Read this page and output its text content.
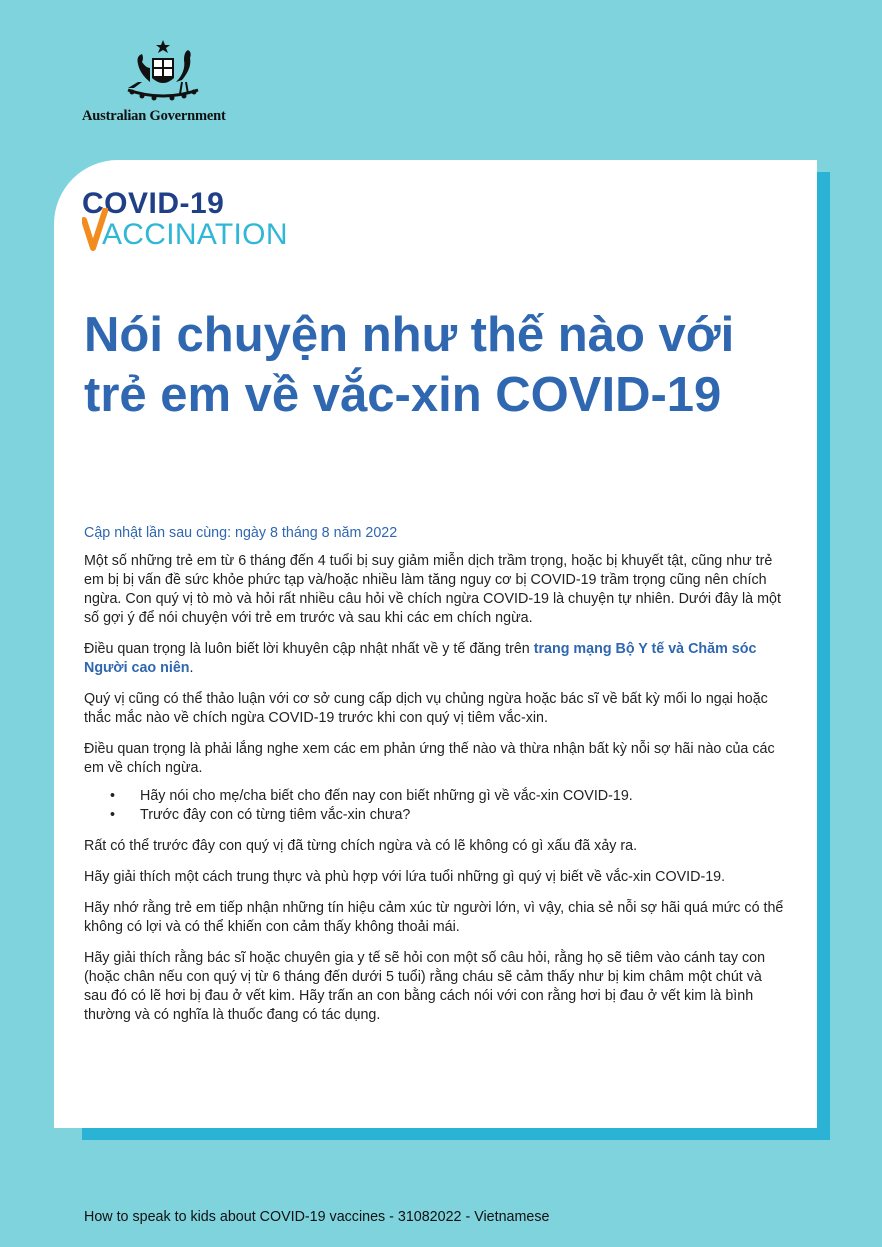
Australian Government
COVID-19
ACCINATION
Nói chuyện như thế nào với trẻ em về vắc-xin COVID-19

Cập nhật lần sau cùng: ngày 8 tháng 8 năm 2022

Một số những trẻ em từ 6 tháng đến 4 tuổi bị suy giảm miễn dịch trầm trọng, hoặc bị khuyết tật, cũng như trẻ em bị bị vấn đề sức khỏe phức tạp và/hoặc nhiều làm tăng nguy cơ bị COVID-19 trầm trọng cũng nên chích ngừa. Con quý vị tò mò và hỏi rất nhiều câu hỏi về chích ngừa COVID-19 là chuyện tự nhiên. Dưới đây là một số gợi ý để nói chuyện với trẻ em trước và sau khi các em chích ngừa.

Điều quan trọng là luôn biết lời khuyên cập nhật nhất về y tế đăng trên trang mạng Bộ Y tế và Chăm sóc Người cao niên.

Quý vị cũng có thể thảo luận với cơ sở cung cấp dịch vụ chủng ngừa hoặc bác sĩ về bất kỳ mối lo ngại hoặc thắc mắc nào về chích ngừa COVID-19 trước khi con quý vị tiêm vắc-xin.

Điều quan trọng là phải lắng nghe xem các em phản ứng thế nào và thừa nhận bất kỳ nỗi sợ hãi nào của các em về chích ngừa.

• Hãy nói cho mẹ/cha biết cho đến nay con biết những gì về vắc-xin COVID-19.
• Trước đây con có từng tiêm vắc-xin chưa?

Rất có thể trước đây con quý vị đã từng chích ngừa và có lẽ không có gì xấu đã xảy ra.

Hãy giải thích một cách trung thực và phù hợp với lứa tuổi những gì quý vị biết về vắc-xin COVID-19.

Hãy nhớ rằng trẻ em tiếp nhận những tín hiệu cảm xúc từ người lớn, vì vậy, chia sẻ nỗi sợ hãi quá mức có thể không có lợi và có thể khiến con cảm thấy không thoải mái.

Hãy giải thích rằng bác sĩ hoặc chuyên gia y tế sẽ hỏi con một số câu hỏi, rằng họ sẽ tiêm vào cánh tay con (hoặc chân nếu con quý vị từ 6 tháng đến dưới 5 tuổi) rằng cháu sẽ cảm thấy như bị kim châm một chút và sau đó có lẽ hơi bị đau ở vết kim. Hãy trấn an con bằng cách nói với con rằng hơi bị đau ở vết kim là bình thường và có nghĩa là thuốc đang có tác dụng.

How to speak to kids about COVID-19 vaccines - 31082022 - Vietnamese
